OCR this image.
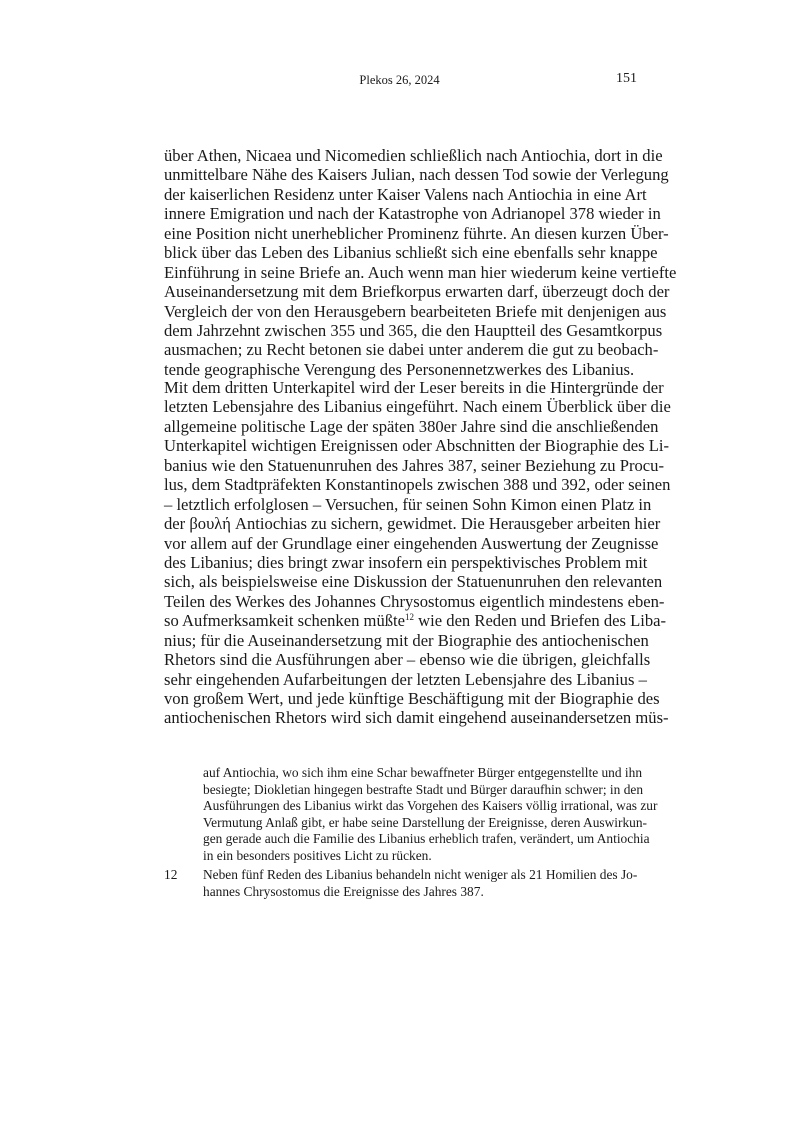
Plekos 26, 2024	151
über Athen, Nicaea und Nicomedien schließlich nach Antiochia, dort in die
unmittelbare Nähe des Kaisers Julian, nach dessen Tod sowie der Verlegung
der kaiserlichen Residenz unter Kaiser Valens nach Antiochia in eine Art
innere Emigration und nach der Katastrophe von Adrianopel 378 wieder in
eine Position nicht unerheblicher Prominenz führte. An diesen kurzen Über-
blick über das Leben des Libanius schließt sich eine ebenfalls sehr knappe
Einführung in seine Briefe an. Auch wenn man hier wiederum keine vertiefte
Auseinandersetzung mit dem Briefkorpus erwarten darf, überzeugt doch der
Vergleich der von den Herausgebern bearbeiteten Briefe mit denjenigen aus
dem Jahrzehnt zwischen 355 und 365, die den Hauptteil des Gesamtkorpus
ausmachen; zu Recht betonen sie dabei unter anderem die gut zu beobach-
tende geographische Verengung des Personennetzwerkes des Libanius.
Mit dem dritten Unterkapitel wird der Leser bereits in die Hintergründe der
letzten Lebensjahre des Libanius eingeführt. Nach einem Überblick über die
allgemeine politische Lage der späten 380er Jahre sind die anschließenden
Unterkapitel wichtigen Ereignissen oder Abschnitten der Biographie des Li-
banius wie den Statuenunruhen des Jahres 387, seiner Beziehung zu Procu-
lus, dem Stadtpräfekten Konstantinopels zwischen 388 und 392, oder seinen
– letztlich erfolglosen – Versuchen, für seinen Sohn Kimon einen Platz in
der βουλή Antiochias zu sichern, gewidmet. Die Herausgeber arbeiten hier
vor allem auf der Grundlage einer eingehenden Auswertung der Zeugnisse
des Libanius; dies bringt zwar insofern ein perspektivisches Problem mit
sich, als beispielsweise eine Diskussion der Statuenunruhen den relevanten
Teilen des Werkes des Johannes Chrysostomus eigentlich mindestens eben-
so Aufmerksamkeit schenken müßte$^{12}$ wie den Reden und Briefen des Liba-
nius; für die Auseinandersetzung mit der Biographie des antiochenischen
Rhetors sind die Ausführungen aber – ebenso wie die übrigen, gleichfalls
sehr eingehenden Aufarbeitungen der letzten Lebensjahre des Libanius –
von großem Wert, und jede künftige Beschäftigung mit der Biographie des
antiochenischen Rhetors wird sich damit eingehend auseinandersetzen müs-
auf Antiochia, wo sich ihm eine Schar bewaffneter Bürger entgegenstellte und ihn
besiegte; Diokletian hingegen bestrafte Stadt und Bürger daraufhin schwer; in den
Ausführungen des Libanius wirkt das Vorgehen des Kaisers völlig irrational, was zur
Vermutung Anlaß gibt, er habe seine Darstellung der Ereignisse, deren Auswirkun-
gen gerade auch die Familie des Libanius erheblich trafen, verändert, um Antiochia
in ein besonders positives Licht zu rücken.
12 Neben fünf Reden des Libanius behandeln nicht weniger als 21 Homilien des Jo-
hannes Chrysostomus die Ereignisse des Jahres 387.
